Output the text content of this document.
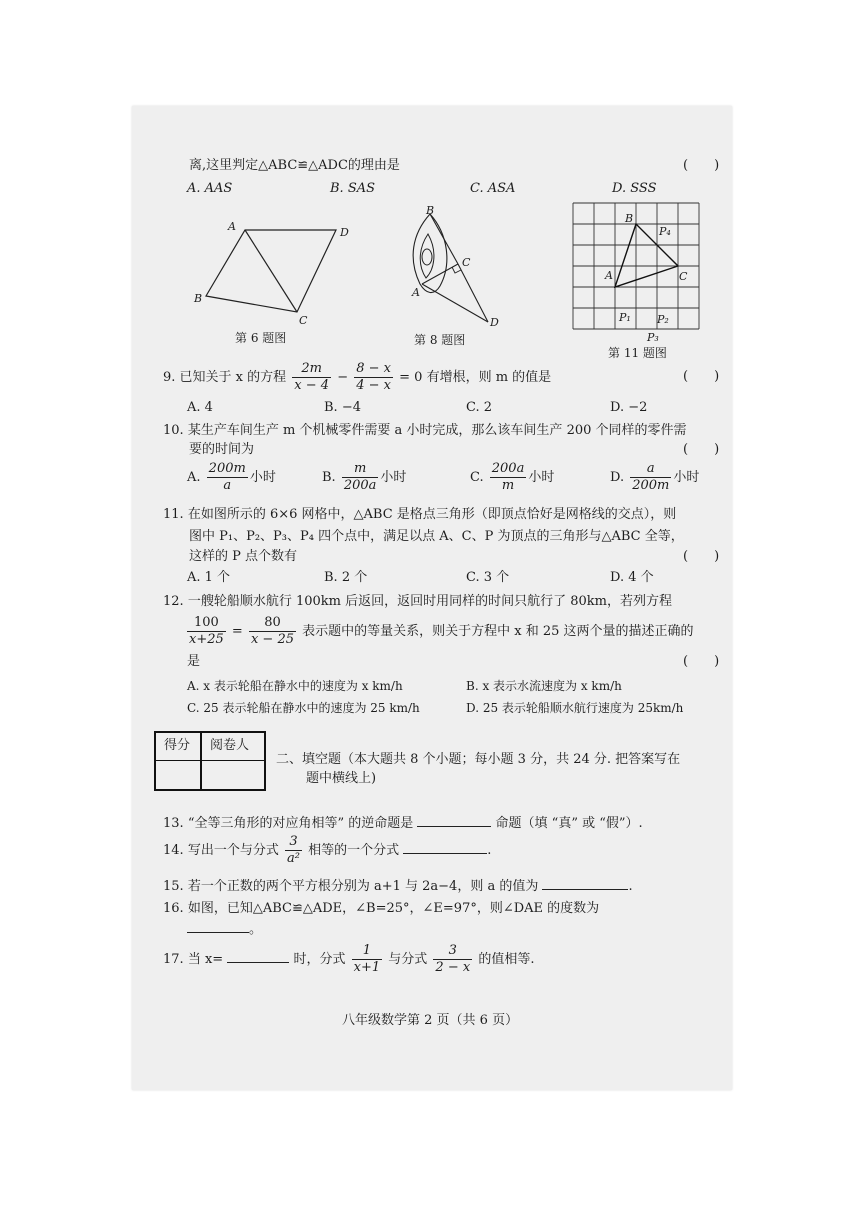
离,这里判定△ABC≌△ADC的理由是	(　　)
A. AAS	B. SAS	C. ASA	D. SSS
A	D
B
C
第 6 题图
B
C
A
D
第 8 题图
B
A	C
P₄
P₁ P₂
P₃
第 11 题图
9. 已知关于 x 的方程 $\frac{2m}{x - 4} - \frac{8 - x}{4 - x} = 0$ 有增根，则 m 的值是	(　　)
A. 4	B. −4	C. 2	D. −2
10. 某生产车间生产 m 个机械零件需要 a 小时完成，那么该车间生产 200 个同样的零件需
要的时间为	(　　)
A. $\frac{200m}{a}$ 小时	B. $\frac{m}{200a}$ 小时	C. $\frac{200a}{m}$ 小时	D. $\frac{a}{200m}$ 小时
11. 在如图所示的 6×6 网格中，△ABC 是格点三角形（即顶点恰好是网格线的交点），则
图中 P₁、P₂、P₃、P₄ 四个点中，满足以点 A、C、P 为顶点的三角形与△ABC 全等，
这样的 P 点个数有	(　　)
A. 1 个	B. 2 个	C. 3 个	D. 4 个
12. 一艘轮船顺水航行 100km 后返回，返回时用同样的时间只航行了 80km，若列方程
$\frac{100}{x+25} = \frac{80}{x - 25}$ 表示题中的等量关系，则关于方程中 x 和 25 这两个量的描述正确的
是	(　　)
A. x 表示轮船在静水中的速度为 x km/h	B. x 表示水流速度为 x km/h
C. 25 表示轮船在静水中的速度为 25 km/h	D. 25 表示轮船顺水航行速度为 25km/h
得分 阅卷人
二、填空题（本大题共 8 个小题；每小题 3 分，共 24 分. 把答案写在
题中横线上)
13. “全等三角形的对应角相等” 的逆命题是	命题（填 “真” 或 “假”）.
14. 写出一个与分式 $\frac{3}{\text{a²}}$ 相等的一个分式	.
15. 若一个正数的两个平方根分别为 a+1 与 2a−4，则 a 的值为	.
16. 如图，已知△ABC≌△ADE，∠B=25°，∠E=97°，则∠DAE 的度数为
。
17. 当 x=	时，分式 $\frac{1}{x+1}$ 与分式 $\frac{3}{2 - x}$ 的值相等.
八年级数学第 2 页（共 6 页）
